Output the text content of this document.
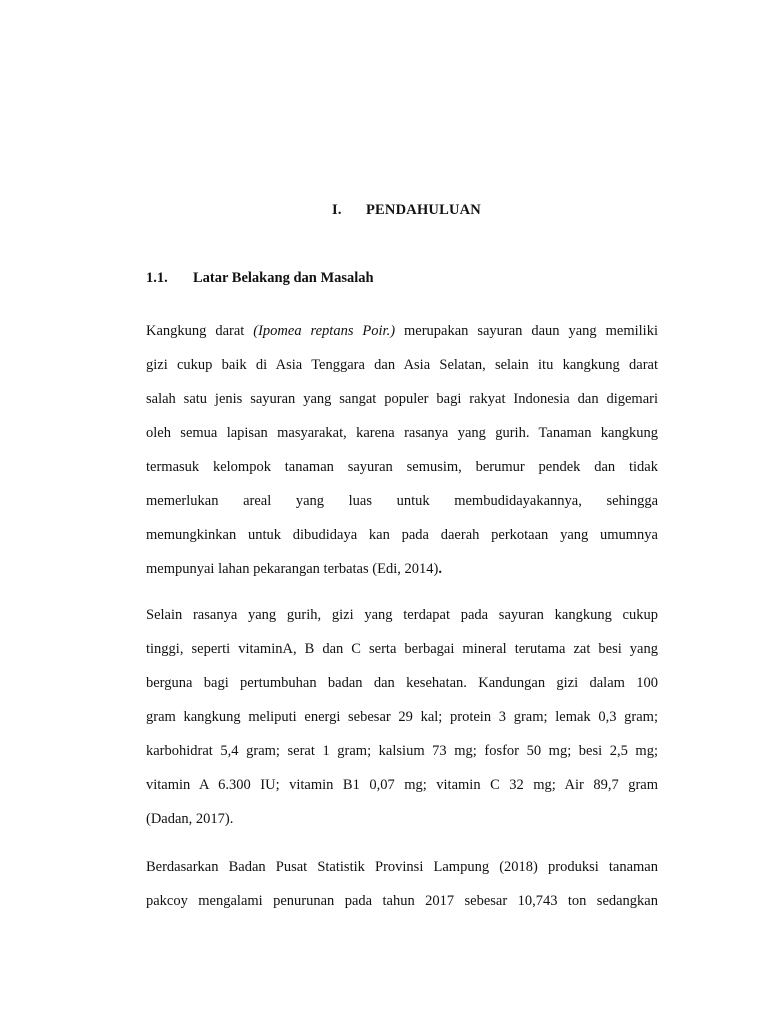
I. PENDAHULUAN
1.1. Latar Belakang dan Masalah
Kangkung darat (Ipomea reptans Poir.) merupakan sayuran daun yang memiliki
gizi cukup baik di Asia Tenggara dan Asia Selatan, selain itu kangkung darat
salah satu jenis sayuran yang sangat populer bagi rakyat Indonesia dan digemari
oleh semua lapisan masyarakat, karena rasanya yang gurih. Tanaman kangkung
termasuk kelompok tanaman sayuran semusim, berumur pendek dan tidak
memerlukan areal yang luas untuk membudidayakannya, sehingga
memungkinkan untuk dibudidaya kan pada daerah perkotaan yang umumnya
mempunyai lahan pekarangan terbatas (Edi, 2014).
Selain rasanya yang gurih, gizi yang terdapat pada sayuran kangkung cukup
tinggi, seperti vitaminA, B dan C serta berbagai mineral terutama zat besi yang
berguna bagi pertumbuhan badan dan kesehatan. Kandungan gizi dalam 100
gram kangkung meliputi energi sebesar 29 kal; protein 3 gram; lemak 0,3 gram;
karbohidrat 5,4 gram; serat 1 gram; kalsium 73 mg; fosfor 50 mg; besi 2,5 mg;
vitamin A 6.300 IU; vitamin B1 0,07 mg; vitamin C 32 mg; Air 89,7 gram
(Dadan, 2017).
Berdasarkan Badan Pusat Statistik Provinsi Lampung (2018) produksi tanaman
pakcoy mengalami penurunan pada tahun 2017 sebesar 10,743 ton sedangkan
